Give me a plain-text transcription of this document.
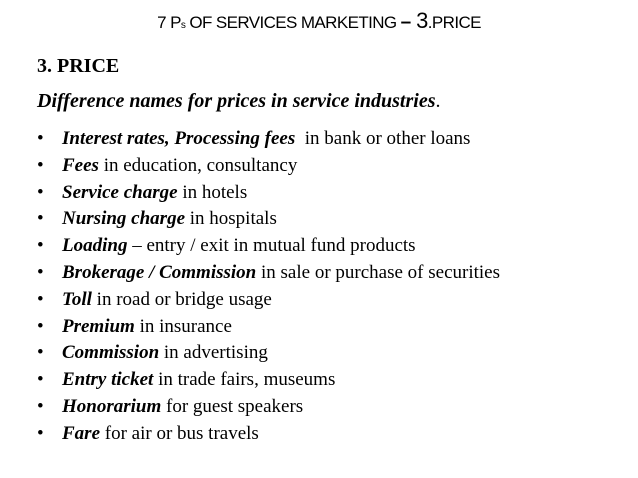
7 Ps OF SERVICES MARKETING – 3.PRICE
3. PRICE
Difference names for prices in service industries.
• Interest rates, Processing fees  in bank or other loans
• Fees in education, consultancy
• Service charge in hotels
• Nursing charge in hospitals
• Loading – entry / exit in mutual fund products
• Brokerage / Commission in sale or purchase of securities
• Toll in road or bridge usage
• Premium in insurance
• Commission in advertising
• Entry ticket in trade fairs, museums
• Honorarium for guest speakers
• Fare for air or bus travels
